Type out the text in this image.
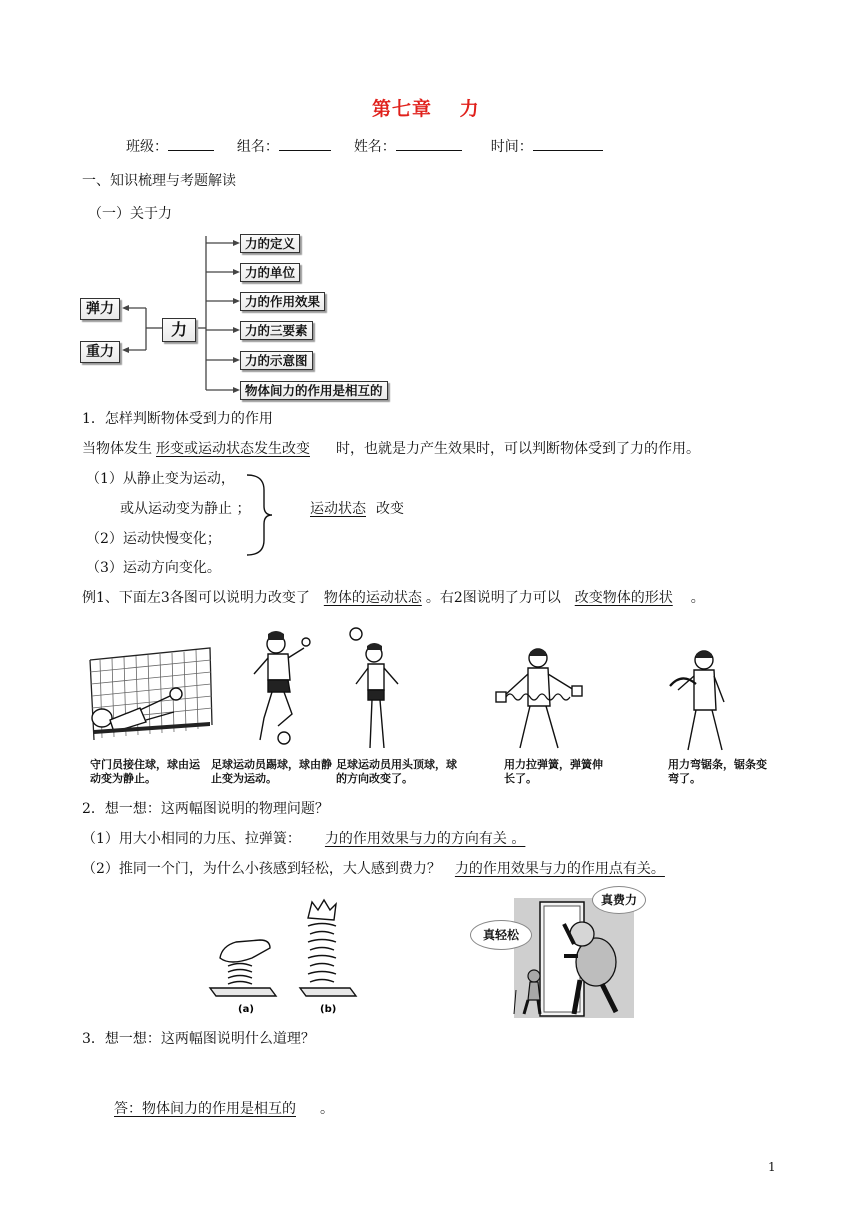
第七章　 力
班级：	组名：	姓名：	时间：
一、知识梳理与考题解读
（一）关于力
力
弹力
重力
力的定义
力的单位
力的作用效果
力的三要素
力的示意图
物体间力的作用是相互的
1．怎样判断物体受到力的作用
当物体发生 形变或运动状态发生改变 时，也就是力产生效果时，可以判断物体受到了力的作用。
（1）从静止变为运动，
或从运动变为静止 ；
（2）运动快慢变化；
（3）运动方向变化。
运动状态 改变
例1、下面左3各图可以说明力改变了 物体的运动状态 。右2图说明了力可以 改变物体的形状 。
守门员接住球，球由运动变为静止。
足球运动员踢球，球由静止变为运动。
足球运动员用头顶球，球的方向改变了。
用力拉弹簧，弹簧伸长了。
用力弯锯条，锯条变弯了。
2．想一想：这两幅图说明的物理问题？
（1）用大小相同的力压、拉弹簧： 力的作用效果与力的方向有关 。
（2）推同一个门，为什么小孩感到轻松，大人感到费力？ 力的作用效果与力的作用点有关。
(a)	(b)
真轻松
真费力
3．想一想：这两幅图说明什么道理？
答：物体间力的作用是相互的 。
1
